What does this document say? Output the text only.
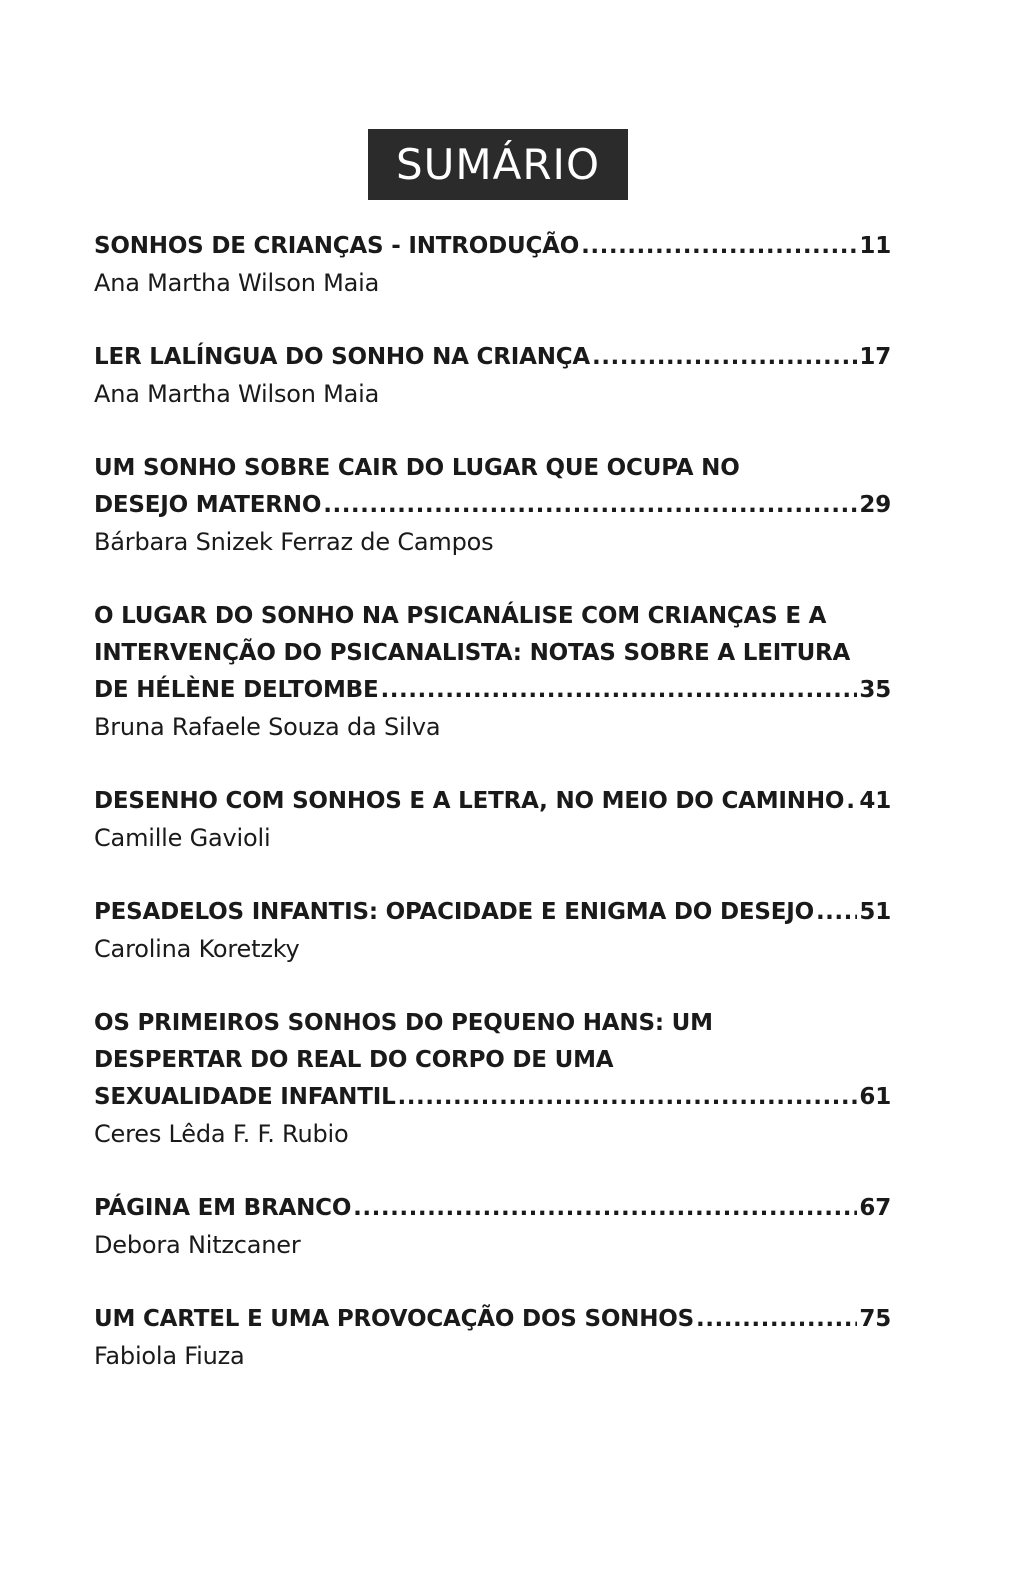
SUMÁRIO
SONHOS DE CRIANÇAS - INTRODUÇÃO .....	11
Ana Martha Wilson Maia
LER LALÍNGUA DO SONHO NA CRIANÇA .....	17
Ana Martha Wilson Maia
UM SONHO SOBRE CAIR DO LUGAR QUE OCUPA NO
DESEJO MATERNO .....	29
Bárbara Snizek Ferraz de Campos
O LUGAR DO SONHO NA PSICANÁLISE COM CRIANÇAS E A
INTERVENÇÃO DO PSICANALISTA: NOTAS SOBRE A LEITURA
DE HÉLÈNE DELTOMBE .....	35
Bruna Rafaele Souza da Silva
DESENHO COM SONHOS E A LETRA, NO MEIO DO CAMINHO ..... 41
Camille Gavioli
PESADELOS INFANTIS: OPACIDADE E ENIGMA DO DESEJO ..... 51
Carolina Koretzky
OS PRIMEIROS SONHOS DO PEQUENO HANS: UM
DESPERTAR DO REAL DO CORPO DE UMA
SEXUALIDADE INFANTIL .....	61
Ceres Lêda F. F. Rubio
PÁGINA EM BRANCO .....	67
Debora Nitzcaner
UM CARTEL E UMA PROVOCAÇÃO DOS SONHOS .....	75
Fabiola Fiuza
